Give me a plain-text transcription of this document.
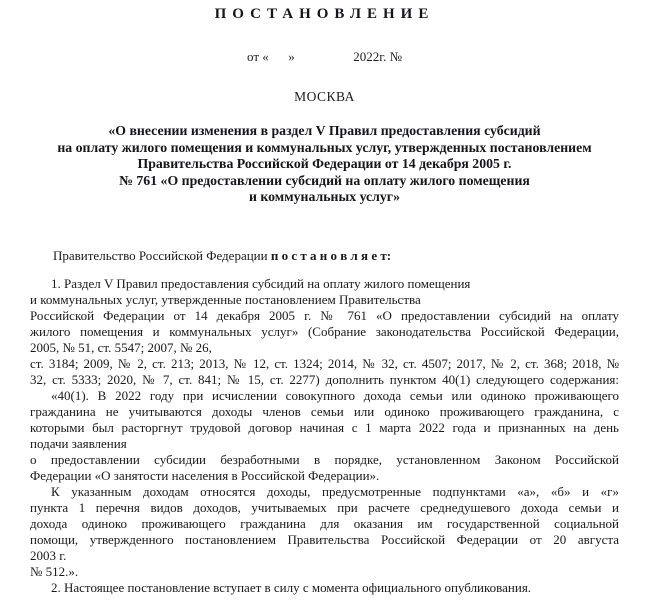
ПОСТАНОВЛЕНИЕ
от «      »                  2022г. №
МОСКВА
«О внесении изменения в раздел V Правил предоставления субсидий
на оплату жилого помещения и коммунальных услуг, утвержденных постановлением
Правительства Российской Федерации от 14 декабря 2005 г.
№ 761 «О предоставлении субсидий на оплату жилого помещения
и коммунальных услуг»
Правительство Российской Федерации п о с т а н о в л я е т:
1. Раздел V Правил предоставления субсидий на оплату жилого помещения
и коммунальных услуг, утвержденные постановлением Правительства
Российской Федерации от 14 декабря 2005 г. № 761 «О предоставлении субсидий на оплату
жилого помещения и коммунальных услуг» (Собрание законодательства Российской Федерации,
2005, № 51, ст. 5547; 2007, № 26,
ст. 3184; 2009, № 2, ст. 213; 2013, № 12, ст. 1324; 2014, № 32, ст. 4507; 2017, № 2, ст. 368; 2018, №
32, ст. 5333; 2020, № 7, ст. 841; № 15, ст. 2277) дополнить пунктом 40(1) следующего содержания:
«40(1). В 2022 году при исчислении совокупного дохода семьи или одиноко проживающего
гражданина не учитываются доходы членов семьи или одиноко проживающего гражданина, с
которыми был расторгнут трудовой договор начиная с 1 марта 2022 года и признанных на день
подачи заявления
о предоставлении субсидии безработными в порядке, установленном Законом Российской
Федерации «О занятости населения в Российской Федерации».
К указанным доходам относятся доходы, предусмотренные подпунктами «а», «б» и «г»
пункта 1 перечня видов доходов, учитываемых при расчете среднедушевого дохода семьи и
дохода одиноко проживающего гражданина для оказания им государственной социальной
помощи, утвержденного постановлением Правительства Российской Федерации от 20 августа
2003 г.
№ 512.».
2. Настоящее постановление вступает в силу с момента официального опубликования.
